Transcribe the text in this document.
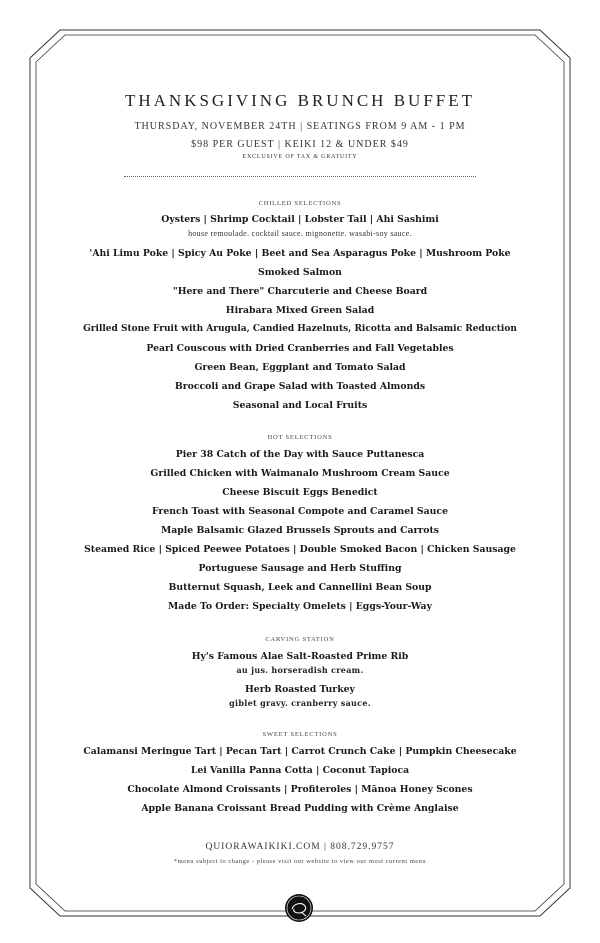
THANKSGIVING BRUNCH BUFFET
THURSDAY, NOVEMBER 24TH | SEATINGS FROM 9 AM - 1 PM
$98 PER GUEST | KEIKI 12 & UNDER $49
EXCLUSIVE OF TAX & GRATUITY
CHILLED SELECTIONS
Oysters | Shrimp Cocktail | Lobster Tail | Ahi Sashimi
house remoulade. cocktail sauce. mignonette. wasabi-soy sauce.
'Ahi Limu Poke | Spicy Au Poke | Beet and Sea Asparagus Poke | Mushroom Poke
Smoked Salmon
"Here and There" Charcuterie and Cheese Board
Hirabara Mixed Green Salad
Grilled Stone Fruit with Arugula, Candied Hazelnuts, Ricotta and Balsamic Reduction
Pearl Couscous with Dried Cranberries and Fall Vegetables
Green Bean, Eggplant and Tomato Salad
Broccoli and Grape Salad with Toasted Almonds
Seasonal and Local Fruits
HOT SELECTIONS
Pier 38 Catch of the Day with Sauce Puttanesca
Grilled Chicken with Waimanalo Mushroom Cream Sauce
Cheese Biscuit Eggs Benedict
French Toast with Seasonal Compote and Caramel Sauce
Maple Balsamic Glazed Brussels Sprouts and Carrots
Steamed Rice | Spiced Peewee Potatoes | Double Smoked Bacon | Chicken Sausage
Portuguese Sausage and Herb Stuffing
Butternut Squash, Leek and Cannellini Bean Soup
Made To Order: Specialty Omelets | Eggs-Your-Way
CARVING STATION
Hy's Famous Alae Salt-Roasted Prime Rib
au jus. horseradish cream.
Herb Roasted Turkey
giblet gravy. cranberry sauce.
SWEET SELECTIONS
Calamansi Meringue Tart | Pecan Tart | Carrot Crunch Cake | Pumpkin Cheesecake
Lei Vanilla Panna Cotta | Coconut Tapioca
Chocolate Almond Croissants | Profiteroles | Mānoa Honey Scones
Apple Banana Croissant Bread Pudding with Crème Anglaise
QUIORAWAIKIKI.COM | 808.729.9757
*menu subject to change - please visit our website to view our most current menu
